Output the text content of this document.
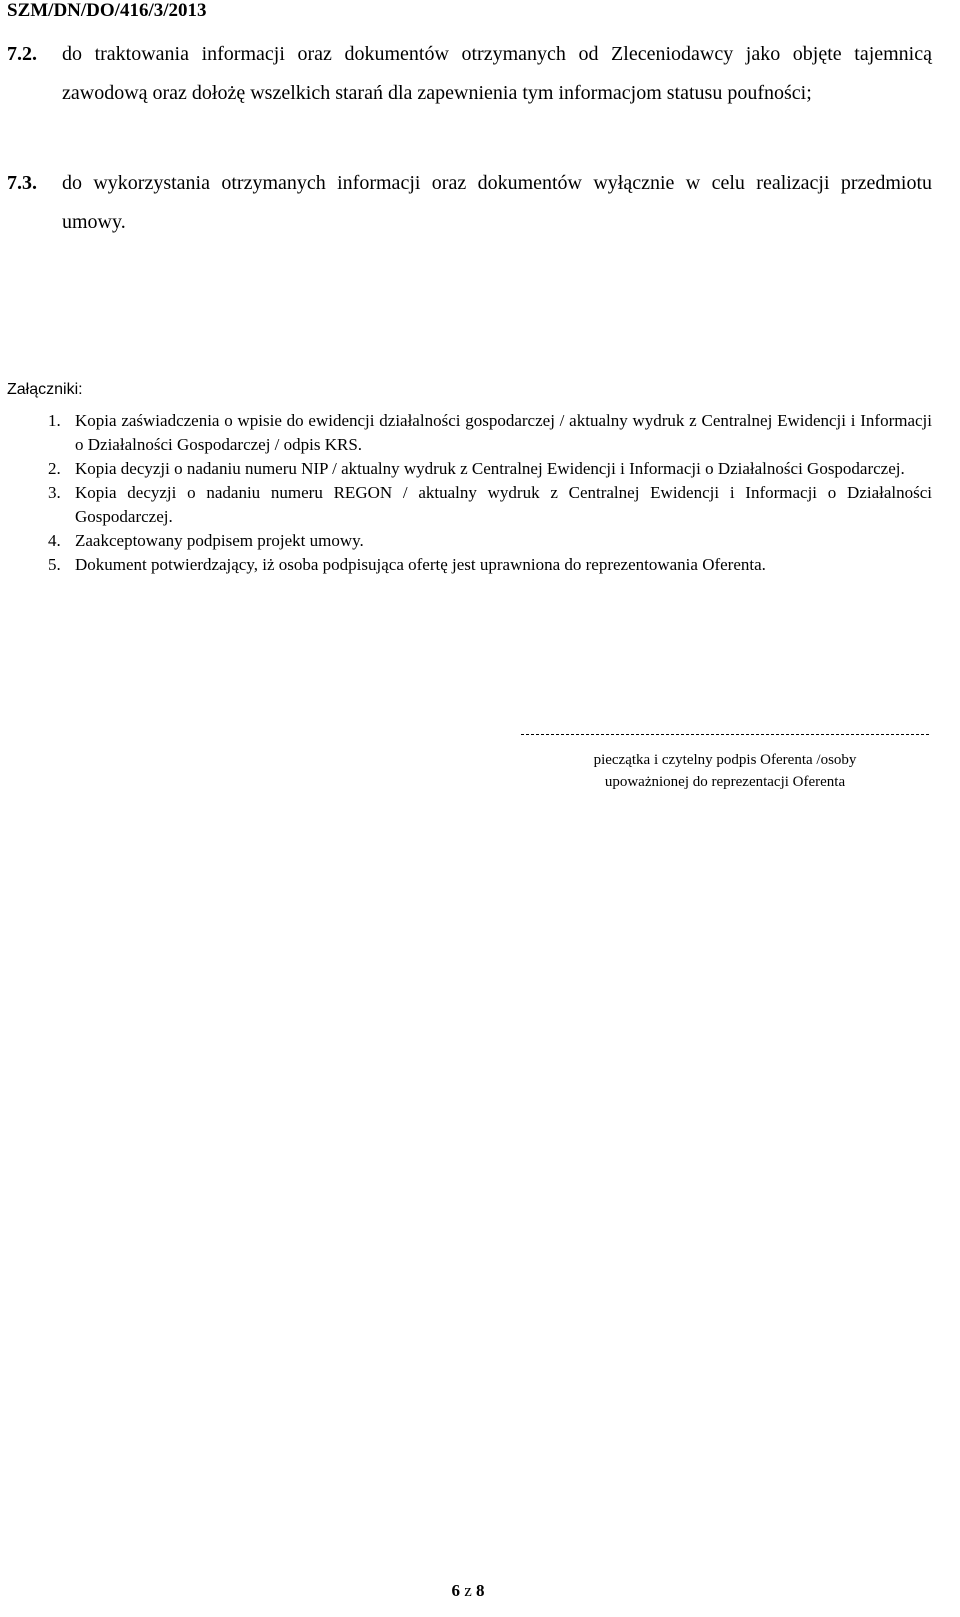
SZM/DN/DO/416/3/2013
7.2. do traktowania informacji oraz dokumentów otrzymanych od Zleceniodawcy jako objęte tajemnicą zawodową oraz dołożę wszelkich starań dla zapewnienia tym informacjom statusu poufności;
7.3. do wykorzystania otrzymanych informacji oraz dokumentów wyłącznie w celu realizacji przedmiotu umowy.
Załączniki:
1. Kopia zaświadczenia o wpisie do ewidencji działalności gospodarczej / aktualny wydruk z Centralnej Ewidencji i Informacji o Działalności Gospodarczej / odpis KRS.
2. Kopia decyzji o nadaniu numeru NIP / aktualny wydruk z Centralnej Ewidencji i Informacji o Działalności Gospodarczej.
3. Kopia decyzji o nadaniu numeru REGON / aktualny wydruk z Centralnej Ewidencji i Informacji o Działalności Gospodarczej.
4. Zaakceptowany podpisem projekt umowy.
5. Dokument potwierdzający, iż osoba podpisująca ofertę jest uprawniona do reprezentowania Oferenta.
pieczątka i czytelny podpis Oferenta /osoby
upoważnionej do reprezentacji Oferenta
6 z 8
